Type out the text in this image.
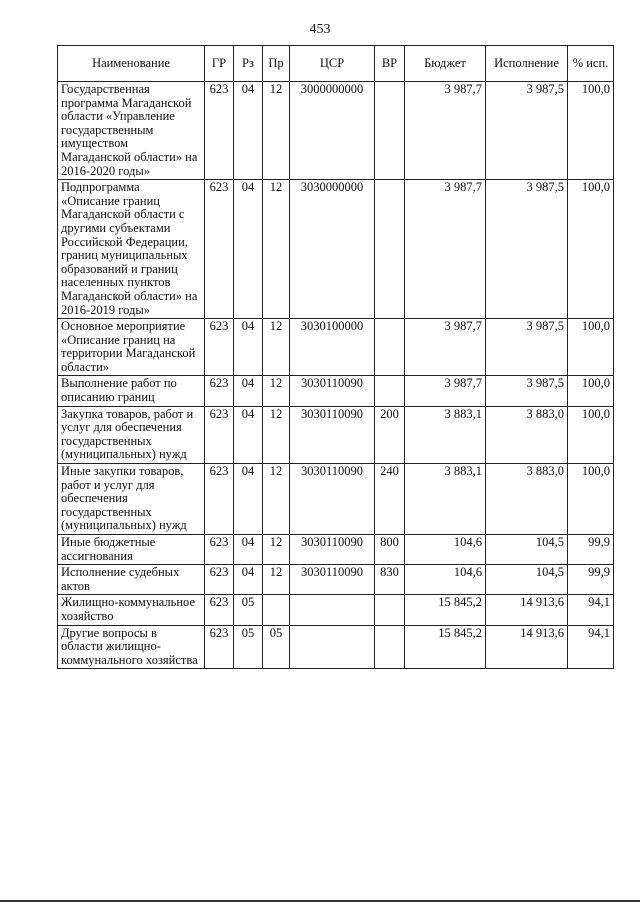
453
Наименование	ГР	Рз	Пр	ЦСР	ВР	Бюджет	Исполнение	% исп.
Государственная программа Магаданской области «Управление государственным имуществом Магаданской области» на 2016-2020 годы»	623	04	12	3000000000		3 987,7	3 987,5	100,0
Подпрограмма «Описание границ Магаданской области с другими субъектами Российской Федерации, границ муниципальных образований и границ населенных пунктов Магаданской области» на 2016-2019 годы»	623	04	12	3030000000		3 987,7	3 987,5	100,0
Основное мероприятие «Описание границ на территории Магаданской области»	623	04	12	3030100000		3 987,7	3 987,5	100,0
Выполнение работ по описанию границ	623	04	12	3030110090		3 987,7	3 987,5	100,0
Закупка товаров, работ и услуг для обеспечения государственных (муниципальных) нужд	623	04	12	3030110090	200	3 883,1	3 883,0	100,0
Иные закупки товаров, работ и услуг для обеспечения государственных (муниципальных) нужд	623	04	12	3030110090	240	3 883,1	3 883,0	100,0
Иные бюджетные ассигнования	623	04	12	3030110090	800	104,6	104,5	99,9
Исполнение судебных актов	623	04	12	3030110090	830	104,6	104,5	99,9
Жилищно-коммунальное хозяйство	623	05				15 845,2	14 913,6	94,1
Другие вопросы в области жилищно-коммунального хозяйства	623	05	05			15 845,2	14 913,6	94,1
